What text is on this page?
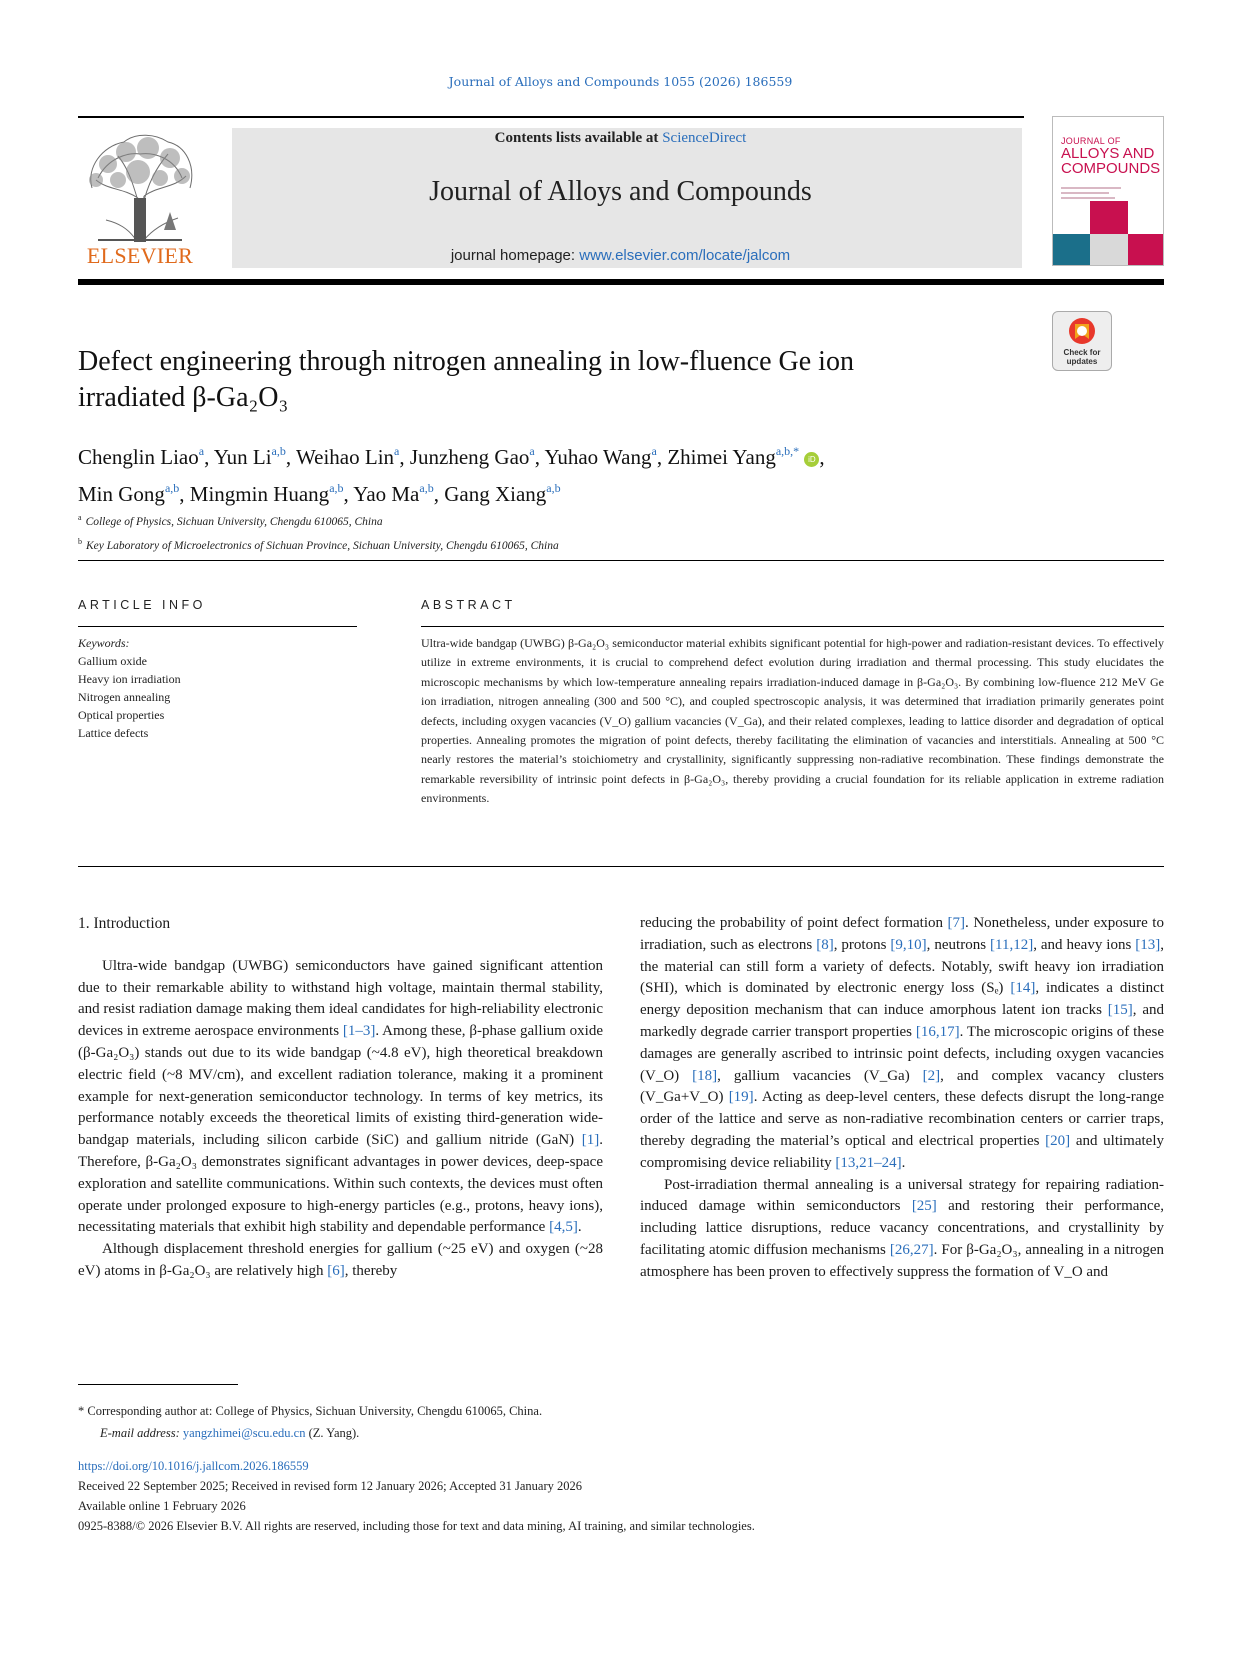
Journal of Alloys and Compounds 1055 (2026) 186559
ELSEVIER
Contents lists available at ScienceDirect
Journal of Alloys and Compounds
journal homepage: www.elsevier.com/locate/jalcom
JOURNAL OF
ALLOYS AND
COMPOUNDS
Check for updates
Defect engineering through nitrogen annealing in low-fluence Ge ion
irradiated β-Ga₂O₃
Chenglin Liao$^a$, Yun Li$^{a,b}$, Weihao Lin$^a$, Junzheng Gao$^a$, Yuhao Wang$^a$, Zhimei Yang$^{a,b,*}$ iD ,
Min Gong$^{a,b}$, Mingmin Huang$^{a,b}$, Yao Ma$^{a,b}$, Gang Xiang$^{a,b}$
$^a$ College of Physics, Sichuan University, Chengdu 610065, China
$^b$ Key Laboratory of Microelectronics of Sichuan Province, Sichuan University, Chengdu 610065, China
ARTICLE INFO	ABSTRACT
Keywords:
Gallium oxide
Heavy ion irradiation
Nitrogen annealing
Optical properties
Lattice defects
Ultra-wide bandgap (UWBG) β-Ga₂O₃ semiconductor material exhibits significant potential for high-power and radiation-resistant devices. To effectively utilize in extreme environments, it is crucial to comprehend defect evolution during irradiation and thermal processing. This study elucidates the microscopic mechanisms by which low-temperature annealing repairs irradiation-induced damage in β-Ga₂O₃. By combining low-fluence 212 MeV Ge ion irradiation, nitrogen annealing (300 and 500 °C), and coupled spectroscopic analysis, it was determined that irradiation primarily generates point defects, including oxygen vacancies (V_O) gallium vacancies (V_Ga), and their related complexes, leading to lattice disorder and degradation of optical properties. Annealing promotes the migration of point defects, thereby facilitating the elimination of vacancies and interstitials. Annealing at 500 °C nearly restores the material’s stoichiometry and crystallinity, significantly suppressing non-radiative recombination. These findings demonstrate the remarkable reversibility of intrinsic point defects in β-Ga₂O₃, thereby providing a crucial foundation for its reliable application in extreme radiation environments.
1. Introduction

Ultra-wide bandgap (UWBG) semiconductors have gained significant attention due to their remarkable ability to withstand high voltage, maintain thermal stability, and resist radiation damage making them ideal candidates for high-reliability electronic devices in extreme aerospace environments [1–3]. Among these, β-phase gallium oxide (β-Ga₂O₃) stands out due to its wide bandgap (~4.8 eV), high theoretical breakdown electric field (~8 MV/cm), and excellent radiation tolerance, making it a prominent example for next-generation semiconductor technology. In terms of key metrics, its performance notably exceeds the theoretical limits of existing third-generation wide-bandgap materials, including silicon carbide (SiC) and gallium nitride (GaN) [1]. Therefore, β-Ga₂O₃ demonstrates significant advantages in power devices, deep-space exploration and satellite communications. Within such contexts, the devices must often operate under prolonged exposure to high-energy particles (e.g., protons, heavy ions), necessitating materials that exhibit high stability and dependable performance [4,5].

Although displacement threshold energies for gallium (~25 eV) and oxygen (~28 eV) atoms in β-Ga₂O₃ are relatively high [6], thereby

reducing the probability of point defect formation [7]. Nonetheless, under exposure to irradiation, such as electrons [8], protons [9,10], neutrons [11,12], and heavy ions [13], the material can still form a variety of defects. Notably, swift heavy ion irradiation (SHI), which is dominated by electronic energy loss (Sₑ) [14], indicates a distinct energy deposition mechanism that can induce amorphous latent ion tracks [15], and markedly degrade carrier transport properties [16,17]. The microscopic origins of these damages are generally ascribed to intrinsic point defects, including oxygen vacancies (V_O) [18], gallium vacancies (V_Ga) [2], and complex vacancy clusters (V_Ga+V_O) [19]. Acting as deep-level centers, these defects disrupt the long-range order of the lattice and serve as non-radiative recombination centers or carrier traps, thereby degrading the material’s optical and electrical properties [20] and ultimately compromising device reliability [13,21–24].

Post-irradiation thermal annealing is a universal strategy for repairing radiation-induced damage within semiconductors [25] and restoring their performance, including lattice disruptions, reduce vacancy concentrations, and crystallinity by facilitating atomic diffusion mechanisms [26,27]. For β-Ga₂O₃, annealing in a nitrogen atmosphere has been proven to effectively suppress the formation of V_O and

* Corresponding author at: College of Physics, Sichuan University, Chengdu 610065, China.
E-mail address: yangzhimei@scu.edu.cn (Z. Yang).
https://doi.org/10.1016/j.jallcom.2026.186559
Received 22 September 2025; Received in revised form 12 January 2026; Accepted 31 January 2026
Available online 1 February 2026
0925-8388/© 2026 Elsevier B.V. All rights are reserved, including those for text and data mining, AI training, and similar technologies.
